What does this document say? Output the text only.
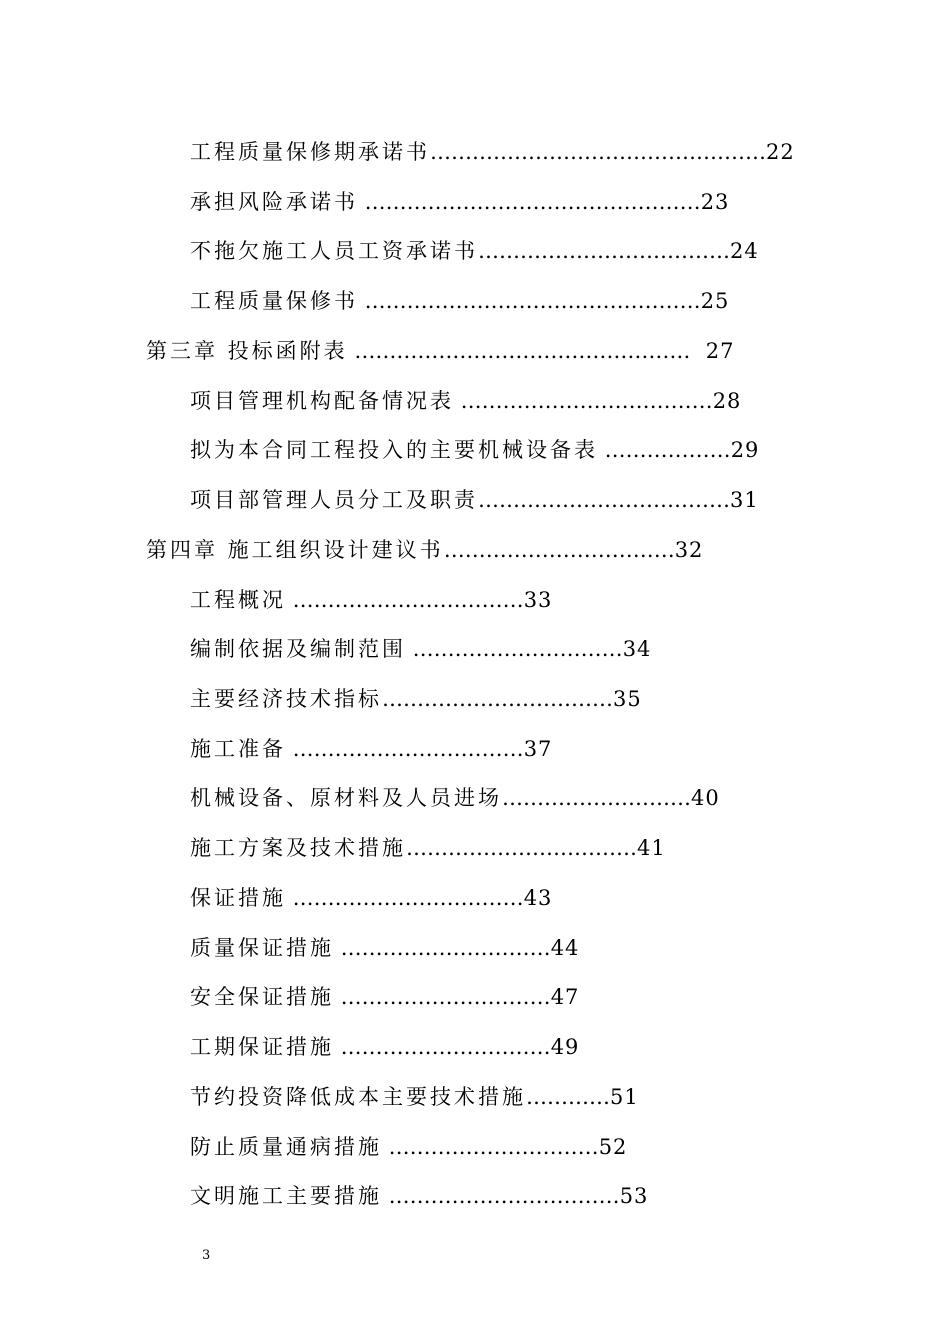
工程质量保修期承诺书…………………………………………22
承担风险承诺书 …………………………………………23
不拖欠施工人员工资承诺书………………………………24
工程质量保修书 …………………………………………25
第三章 投标函附表 …………………………………………  27
项目管理机构配备情况表 ………………………………28
拟为本合同工程投入的主要机械设备表 ………………29
项目部管理人员分工及职责………………………………31
第四章 施工组织设计建议书……………………………32
工程概况 ……………………………33
编制依据及编制范围 …………………………34
主要经济技术指标……………………………35
施工准备 ……………………………37
机械设备、原材料及人员进场………………………40
施工方案及技术措施……………………………41
保证措施 ……………………………43
质量保证措施 …………………………44
安全保证措施 …………………………47
工期保证措施 …………………………49
节约投资降低成本主要技术措施…………51
防止质量通病措施 …………………………52
文明施工主要措施 ……………………………53
3
